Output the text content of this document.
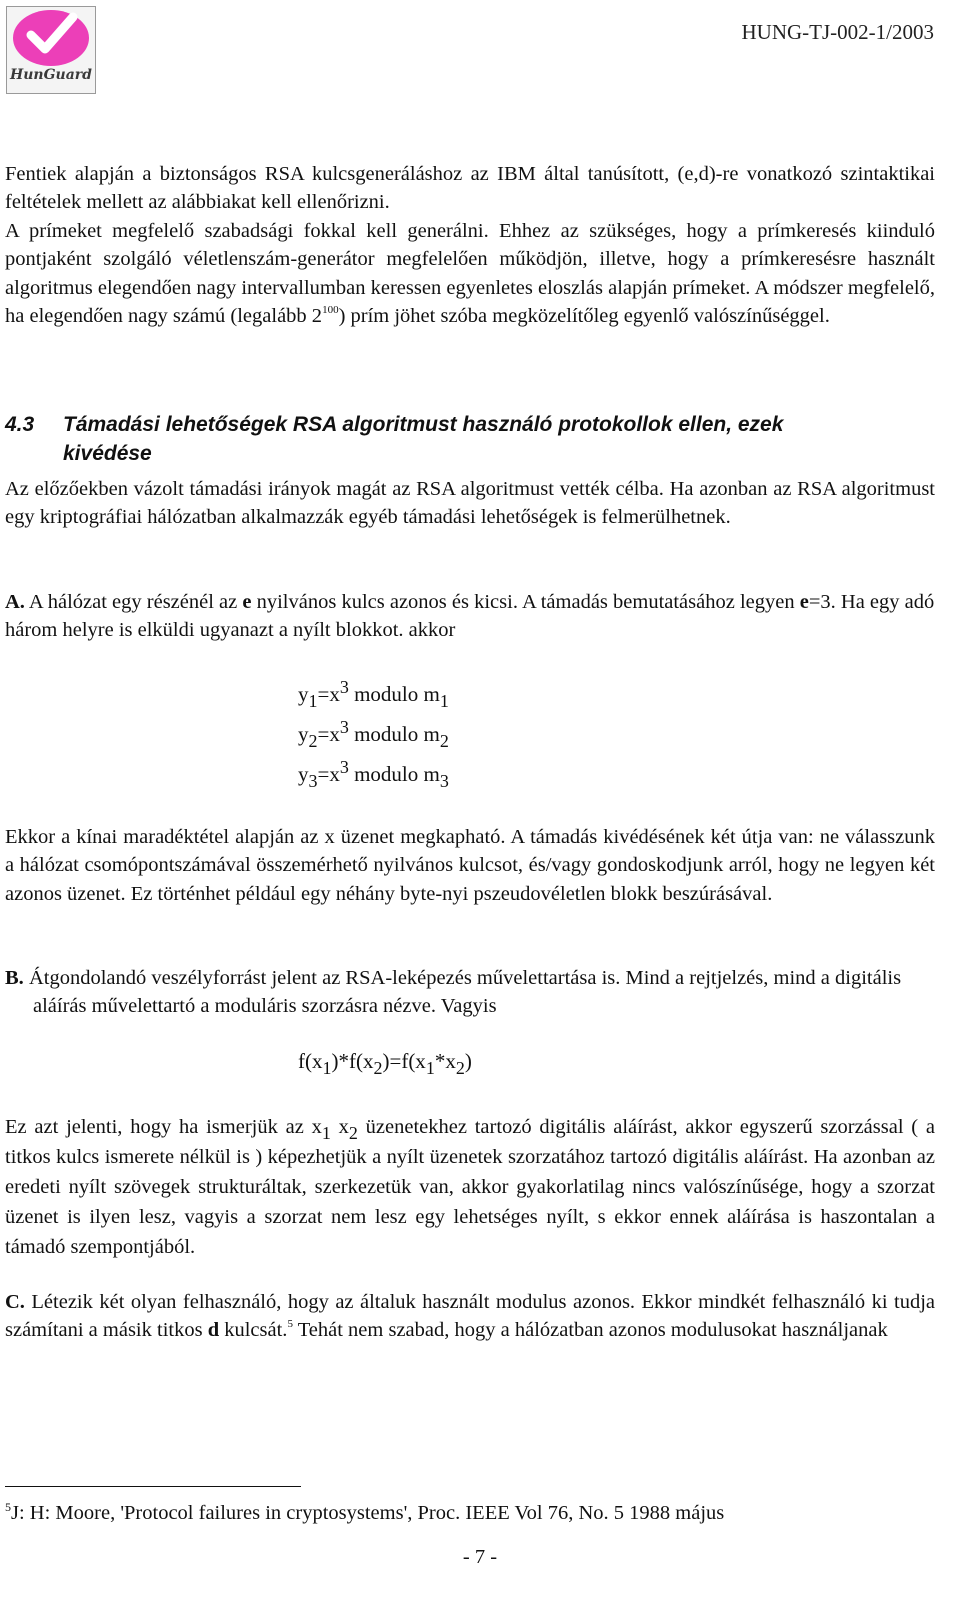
HunGuard
HUNG-TJ-002-1/2003

Fentiek alapján a biztonságos RSA kulcsgeneráláshoz az IBM által tanúsított, (e,d)-re vonatkozó szintaktikai feltételek mellett az alábbiakat kell ellenőrizni.

A prímeket megfelelő szabadsági fokkal kell generálni. Ehhez az szükséges, hogy a prímkeresés kiinduló pontjaként szolgáló véletlenszám-generátor megfelelően működjön, illetve, hogy a prímkeresésre használt algoritmus elegendően nagy intervallumban keressen egyenletes eloszlás alapján prímeket. A módszer megfelelő, ha elegendően nagy számú (legalább $2^{100}$) prím jöhet szóba megközelítőleg egyenlő valószínűséggel.

4.3 Támadási lehetőségek RSA algoritmust használó protokollok ellen, ezek
kivédése

Az előzőekben vázolt támadási irányok magát az RSA algoritmust vették célba. Ha azonban az RSA algoritmust egy kriptográfiai hálózatban alkalmazzák egyéb támadási lehetőségek is felmerülhetnek.

A. A hálózat egy részénél az e nyilvános kulcs azonos és kicsi. A támadás bemutatásához legyen e=3. Ha egy adó három helyre is elküldi ugyanazt a nyílt blokkot. akkor

$y_1=x^3$ modulo $m_1$
$y_2=x^3$ modulo $m_2$
$y_3=x^3$ modulo $m_3$

Ekkor a kínai maradéktétel alapján az x üzenet megkapható. A támadás kivédésének két útja van: ne válasszunk a hálózat csomópontszámával összemérhető nyilvános kulcsot, és/vagy gondoskodjunk arról, hogy ne legyen két azonos üzenet. Ez történhet például egy néhány byte-nyi pszeudovéletlen blokk beszúrásával.

B. Átgondolandó veszélyforrást jelent az RSA-leképezés művelettartása is. Mind a rejtjelzés, mind a digitális aláírás művelettartó a moduláris szorzásra nézve. Vagyis

$f(x_1)*f(x_2)=f(x_1*x_2)$

Ez azt jelenti, hogy ha ismerjük az $x_1$ $x_2$ üzenetekhez tartozó digitális aláírást, akkor egyszerű szorzással ( a titkos kulcs ismerete nélkül is ) képezhetjük a nyílt üzenetek szorzatához tartozó digitális aláírást. Ha azonban az eredeti nyílt szövegek strukturáltak, szerkezetük van, akkor gyakorlatilag nincs valószínűsége, hogy a szorzat üzenet is ilyen lesz, vagyis a szorzat nem lesz egy lehetséges nyílt, s ekkor ennek aláírása is haszontalan a támadó szempontjából.

C. Létezik két olyan felhasználó, hogy az általuk használt modulus azonos. Ekkor mindkét felhasználó ki tudja számítani a másik titkos d kulcsát.$^5$ Tehát nem szabad, hogy a hálózatban azonos modulusokat használjanak

$^5$J: H: Moore, 'Protocol failures in cryptosystems', Proc. IEEE Vol 76, No. 5 1988 május
- 7 -
